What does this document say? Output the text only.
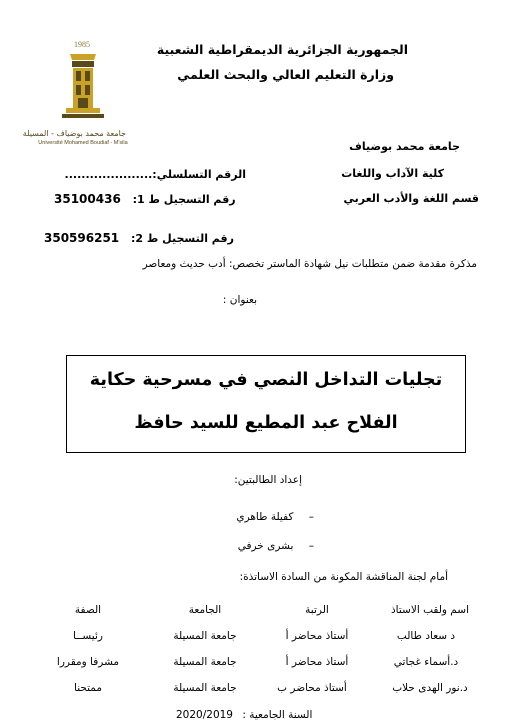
1985
جامعة محمد بوضياف - المسيلة
Université Mohamed Boudiaf - M'sila
الجمهورية الجزائرية الديمقراطية الشعبية
وزارة التعليم العالي والبحث العلمي
جامعة محمد بوضياف
كلية الآداب واللغات
قسم اللغة والأدب العربي
الرقم التسلسلي:.....................
35100436 رقم التسجيل ط 1:
350596251 رقم التسجيل ط 2:
مذكرة مقدمة ضمن متطلبات نيل شهادة الماستر تخصص: أدب حديث ومعاصر
بعنوان :
تجليات التداخل النصي في مسرحية حكاية
الفلاح عبد المطيع للسيد حافظ
إعداد الطالبتين:
– كفيلة طاهري
– بشرى خرفي
أمام لجنة المناقشة المكونة من السادة الاساتذة:
اسم ولقب الاستاذ
الرتبة
الجامعة
الصفة
د سعاد طالب
أستاذ محاضر أ
جامعة المسيلة
رئيســا
د.أسماء غجاتي
أستاذ محاضر أ
جامعة المسيلة
مشرفا ومقررا
د.نور الهدى حلاب
أستاذ محاضر ب
جامعة المسيلة
ممتحنا
2020/2019 السنة الجامعية :
